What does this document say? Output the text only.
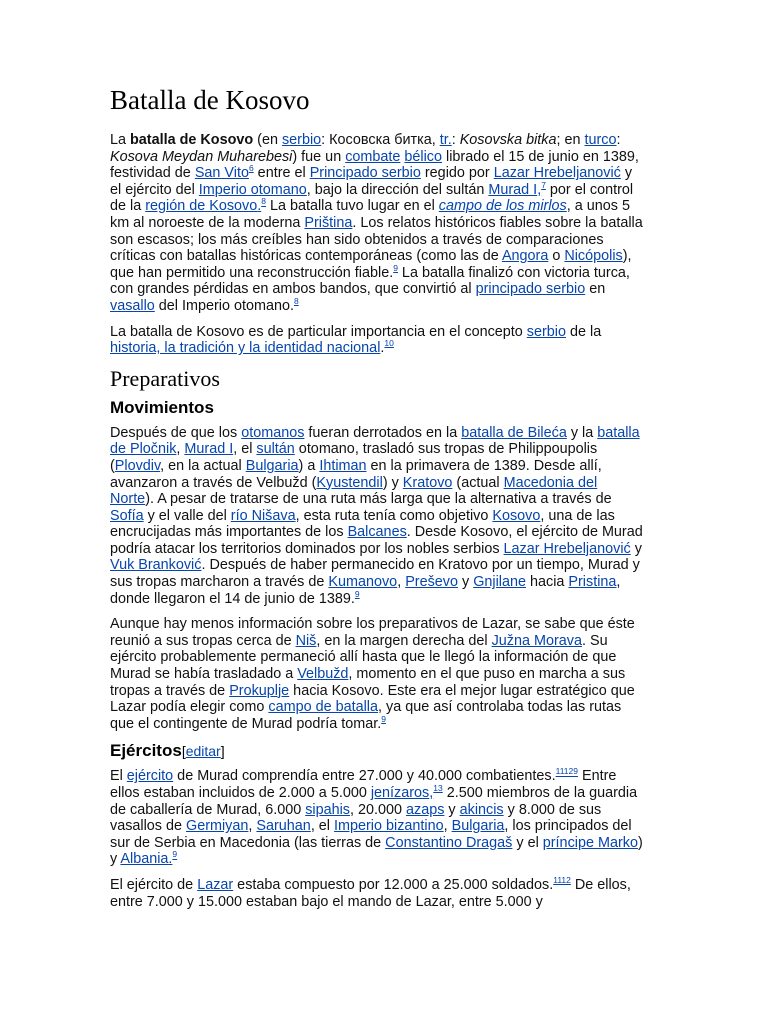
Batalla de Kosovo

La batalla de Kosovo (en serbio: Косовска битка, tr.: Kosovska bitka; en turco: Kosova Meydan Muharebesi) fue un combate bélico librado el 15 de junio en 1389, festividad de San Vito$^6$ entre el Principado serbio regido por Lazar Hrebeljanović y el ejército del Imperio otomano, bajo la dirección del sultán Murad I,$^7$ por el control de la región de Kosovo.$^8$ La batalla tuvo lugar en el campo de los mirlos, a unos 5 km al noroeste de la moderna Priština. Los relatos históricos fiables sobre la batalla son escasos; los más creíbles han sido obtenidos a través de comparaciones críticas con batallas históricas contemporáneas (como las de Angora o Nicópolis), que han permitido una reconstrucción fiable.$^9$ La batalla finalizó con victoria turca, con grandes pérdidas en ambos bandos, que convirtió al principado serbio en vasallo del Imperio otomano.$^8$

La batalla de Kosovo es de particular importancia en el concepto serbio de la historia, la tradición y la identidad nacional.$^{10}$

Preparativos
Movimientos

Después de que los otomanos fueran derrotados en la batalla de Bileća y la batalla de Pločnik, Murad I, el sultán otomano, trasladó sus tropas de Philippoupolis (Plovdiv, en la actual Bulgaria) a Ihtiman en la primavera de 1389. Desde allí, avanzaron a través de Velbužd (Kyustendil) y Kratovo (actual Macedonia del Norte). A pesar de tratarse de una ruta más larga que la alternativa a través de Sofía y el valle del río Nišava, esta ruta tenía como objetivo Kosovo, una de las encrucijadas más importantes de los Balcanes. Desde Kosovo, el ejército de Murad podría atacar los territorios dominados por los nobles serbios Lazar Hrebeljanović y Vuk Branković. Después de haber permanecido en Kratovo por un tiempo, Murad y sus tropas marcharon a través de Kumanovo, Preševo y Gnjilane hacia Pristina, donde llegaron el 14 de junio de 1389.$^9$

Aunque hay menos información sobre los preparativos de Lazar, se sabe que éste reunió a sus tropas cerca de Niš, en la margen derecha del Južna Morava. Su ejército probablemente permaneció allí hasta que le llegó la información de que Murad se había trasladado a Velbužd, momento en el que puso en marcha a sus tropas a través de Prokuplje hacia Kosovo. Este era el mejor lugar estratégico que Lazar podía elegir como campo de batalla, ya que así controlaba todas las rutas que el contingente de Murad podría tomar.$^9$

Ejércitos[editar]

El ejército de Murad comprendía entre 27.000 y 40.000 combatientes.$^{11129}$ Entre ellos estaban incluidos de 2.000 a 5.000 jenízaros,$^{13}$ 2.500 miembros de la guardia de caballería de Murad, 6.000 sipahis, 20.000 azaps y akincis y 8.000 de sus vasallos de Germiyan, Saruhan, el Imperio bizantino, Bulgaria, los principados del sur de Serbia en Macedonia (las tierras de Constantino Dragaš y el príncipe Marko) y Albania.$^9$

El ejército de Lazar estaba compuesto por 12.000 a 25.000 soldados.$^{1112}$ De ellos, entre 7.000 y 15.000 estaban bajo el mando de Lazar, entre 5.000 y
